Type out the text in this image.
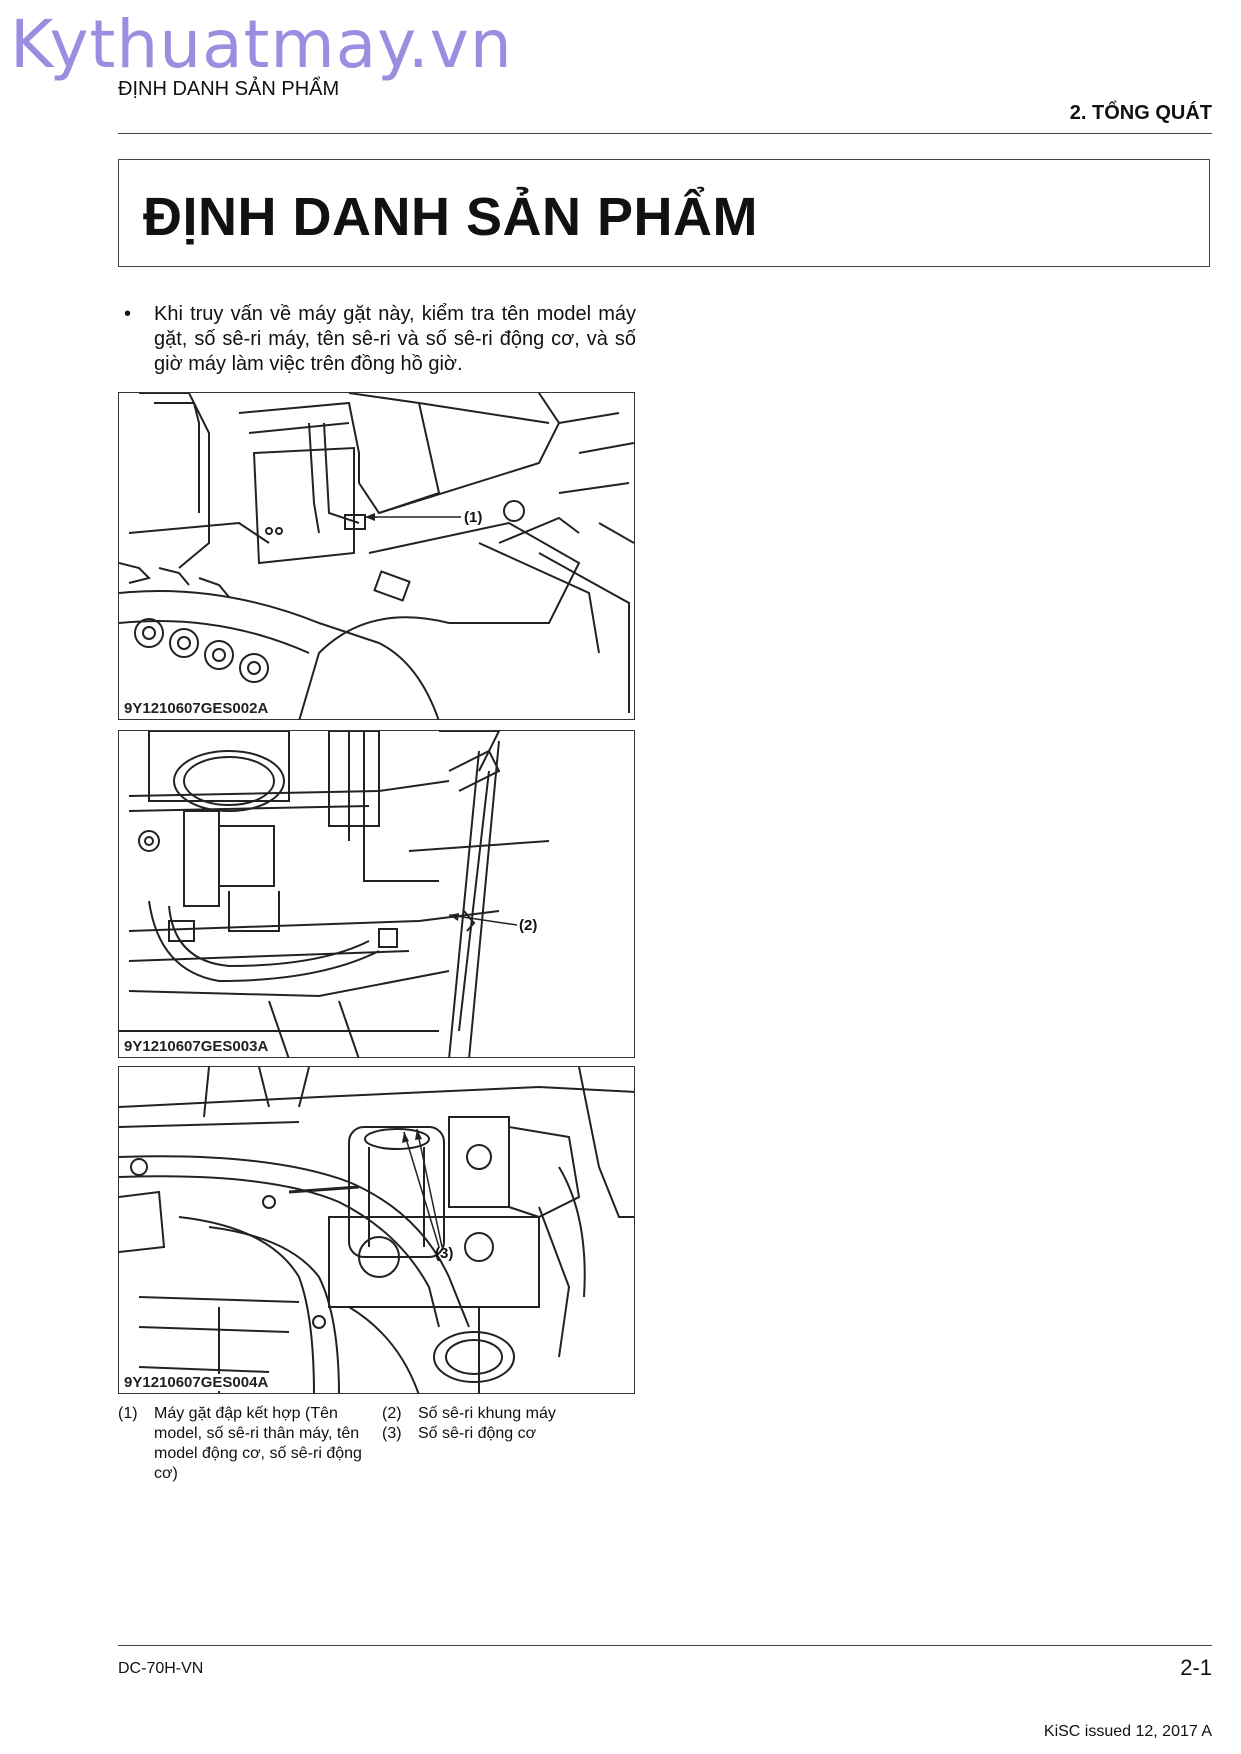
Kythuatmay.vn
ĐỊNH DANH SẢN PHẨM
2. TỔNG QUÁT
ĐỊNH DANH SẢN PHẨM
•	Khi truy vấn về máy gặt này, kiểm tra tên model máy gặt, số sê-ri máy, tên sê-ri và số sê-ri động cơ, và số giờ máy làm việc trên đồng hồ giờ.
(1)
9Y1210607GES002A
(2)
9Y1210607GES003A
(3)
9Y1210607GES004A
(1)	Máy gặt đập kết hợp (Tên model, số sê-ri thân máy, tên model động cơ, số sê-ri động cơ)
(2)	Số sê-ri khung máy
(3)	Số sê-ri động cơ
DC-70H-VN	2-1
KiSC issued 12, 2017 A
